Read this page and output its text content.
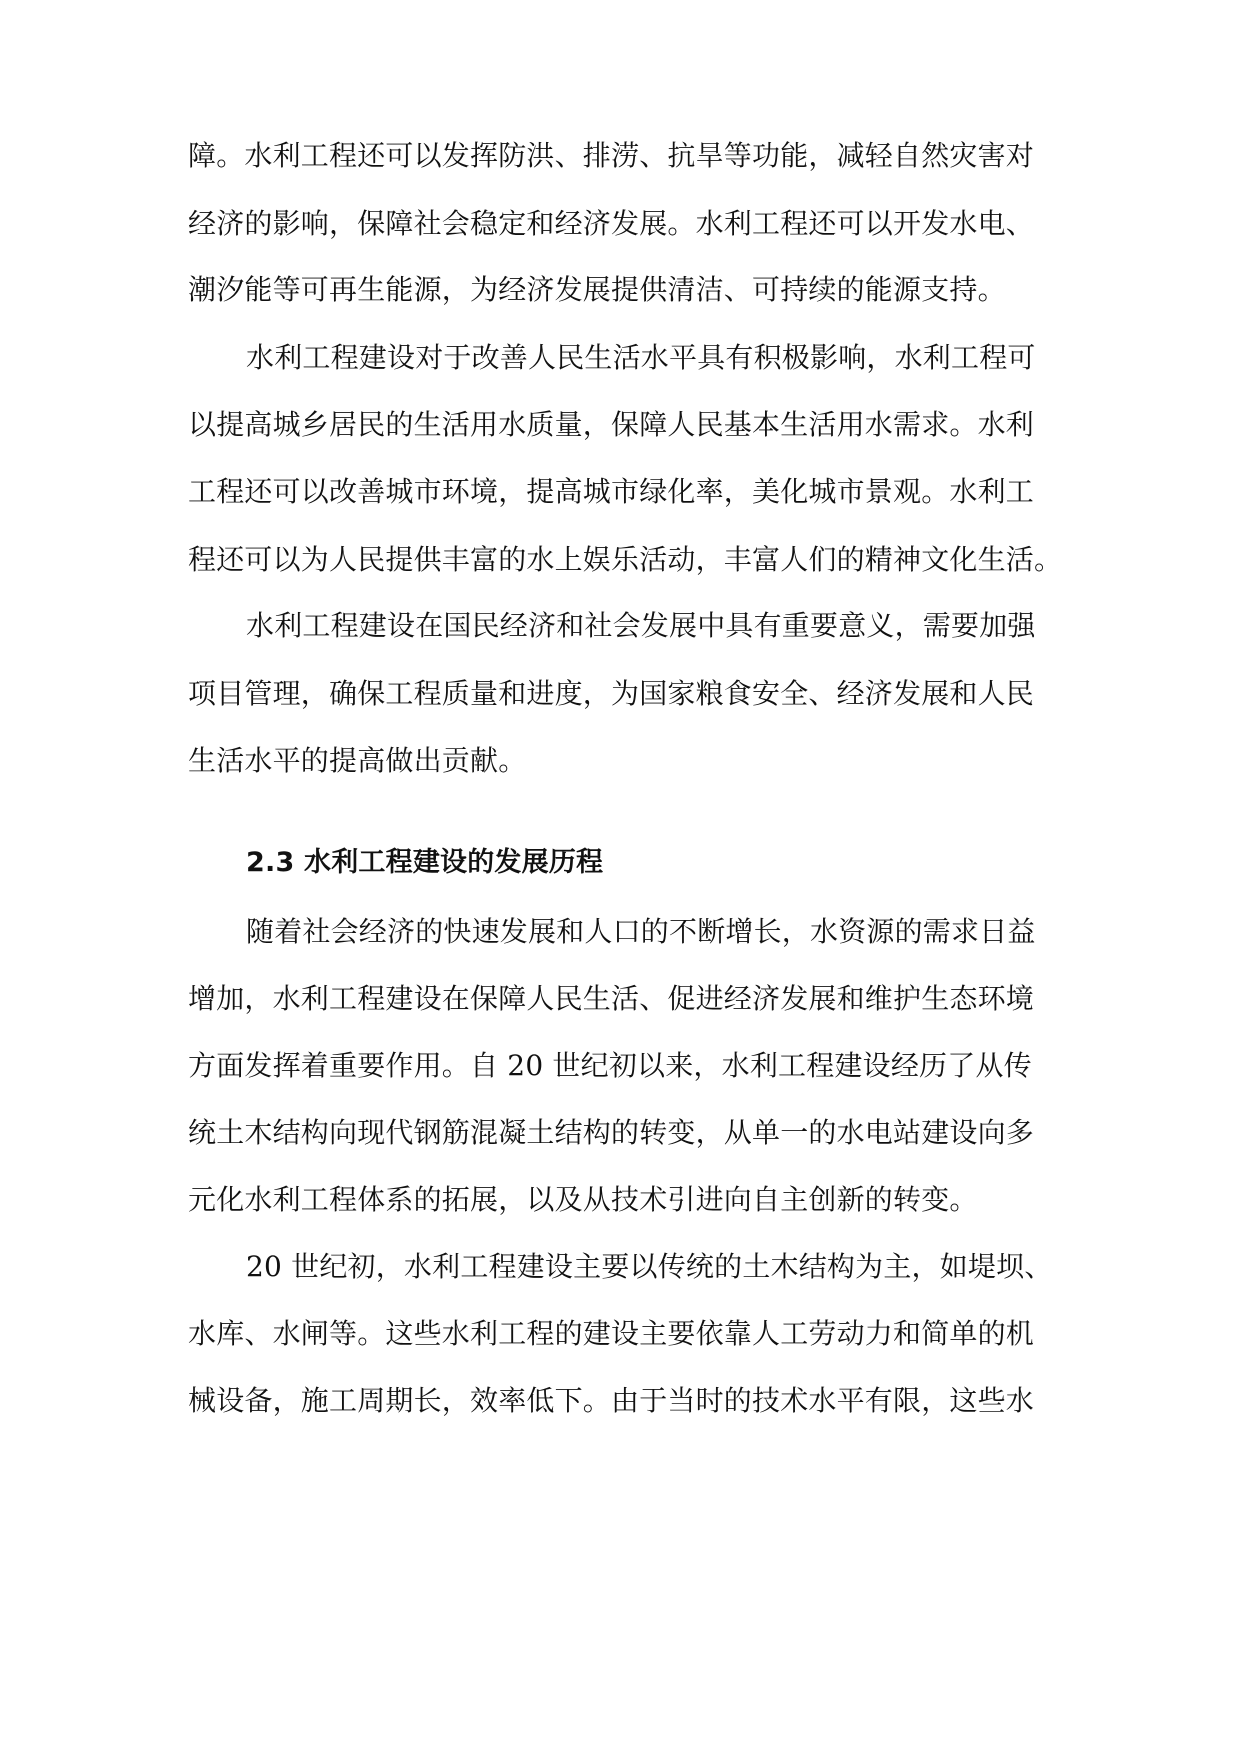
障。水利工程还可以发挥防洪、排涝、抗旱等功能，减轻自然灾害对
经济的影响，保障社会稳定和经济发展。水利工程还可以开发水电、
潮汐能等可再生能源，为经济发展提供清洁、可持续的能源支持。
水利工程建设对于改善人民生活水平具有积极影响，水利工程可
以提高城乡居民的生活用水质量，保障人民基本生活用水需求。水利
工程还可以改善城市环境，提高城市绿化率，美化城市景观。水利工
程还可以为人民提供丰富的水上娱乐活动，丰富人们的精神文化生活。
水利工程建设在国民经济和社会发展中具有重要意义，需要加强
项目管理，确保工程质量和进度，为国家粮食安全、经济发展和人民
生活水平的提高做出贡献。
2.3 水利工程建设的发展历程
随着社会经济的快速发展和人口的不断增长，水资源的需求日益
增加，水利工程建设在保障人民生活、促进经济发展和维护生态环境
方面发挥着重要作用。自 20 世纪初以来，水利工程建设经历了从传
统土木结构向现代钢筋混凝土结构的转变，从单一的水电站建设向多
元化水利工程体系的拓展，以及从技术引进向自主创新的转变。
20 世纪初，水利工程建设主要以传统的土木结构为主，如堤坝、
水库、水闸等。这些水利工程的建设主要依靠人工劳动力和简单的机
械设备，施工周期长，效率低下。由于当时的技术水平有限，这些水
